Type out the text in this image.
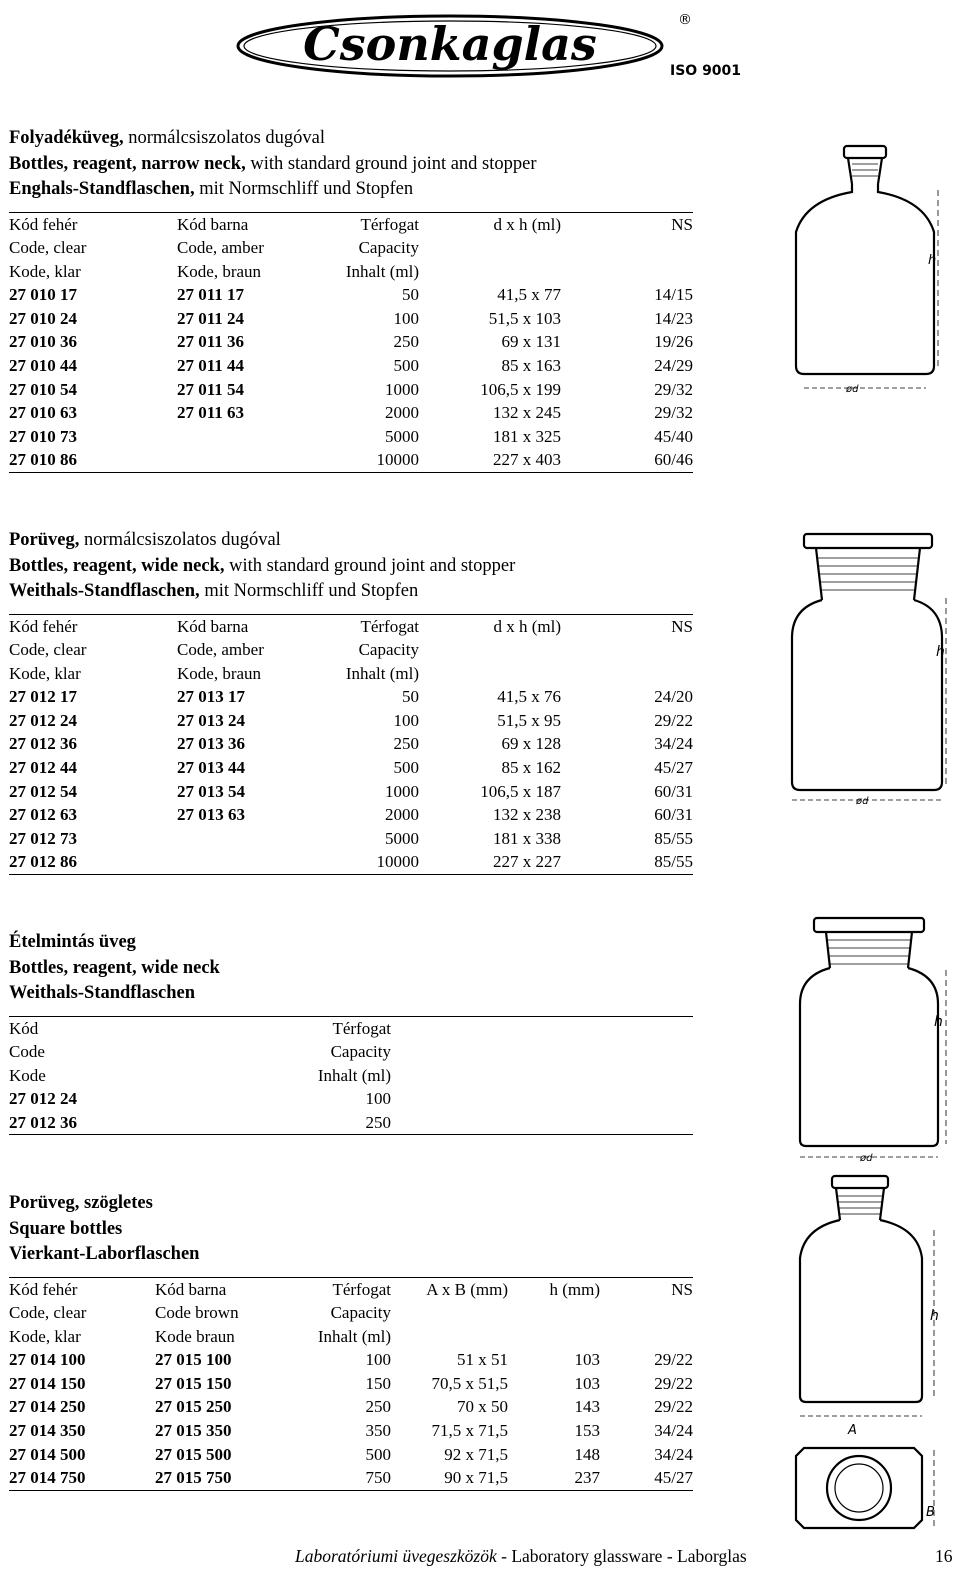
Csonkaglas	®
ISO 9001
Folyadéküveg, normálcsiszolatos dugóval
Bottles, reagent, narrow neck, with standard ground joint and stopper
Enghals-Standflaschen, mit Normschliff und Stopfen
Kód fehér	Kód barna	Térfogat	d x h (ml)	NS
Code, clear	Code, amber	Capacity		
Kode, klar	Kode, braun	Inhalt (ml)		
27 010 17	27 011 17	50	41,5 x 77	14/15
27 010 24	27 011 24	100	51,5 x 103	14/23
27 010 36	27 011 36	250	69 x 131	19/26
27 010 44	27 011 44	500	85 x 163	24/29
27 010 54	27 011 54	1000	106,5 x 199	29/32
27 010 63	27 011 63	2000	132 x 245	29/32
27 010 73		5000	181 x 325	45/40
27 010 86		10000	227 x 403	60/46
Porüveg, normálcsiszolatos dugóval
Bottles, reagent, wide neck, with standard ground joint and stopper
Weithals-Standflaschen, mit Normschliff und Stopfen
Kód fehér	Kód barna	Térfogat	d x h (ml)	NS
Code, clear	Code, amber	Capacity		
Kode, klar	Kode, braun	Inhalt (ml)		
27 012 17	27 013 17	50	41,5 x 76	24/20
27 012 24	27 013 24	100	51,5 x 95	29/22
27 012 36	27 013 36	250	69 x 128	34/24
27 012 44	27 013 44	500	85 x 162	45/27
27 012 54	27 013 54	1000	106,5 x 187	60/31
27 012 63	27 013 63	2000	132 x 238	60/31
27 012 73		5000	181 x 338	85/55
27 012 86		10000	227 x 227	85/55
Ételmintás üveg
Bottles, reagent, wide neck
Weithals-Standflaschen
Kód	Térfogat	
Code	Capacity	
Kode	Inhalt (ml)	
27 012 24	100	
27 012 36	250	
Porüveg, szögletes
Square bottles
Vierkant-Laborflaschen
Kód fehér	Kód barna	Térfogat	A x B (mm)	h (mm)	NS
Code, clear	Code brown	Capacity			
Kode, klar	Kode braun	Inhalt (ml)			
27 014 100	27 015 100	100	51 x 51	103	29/22
27 014 150	27 015 150	150	70,5 x 51,5	103	29/22
27 014 250	27 015 250	250	70 x 50	143	29/22
27 014 350	27 015 350	350	71,5 x 71,5	153	34/24
27 014 500	27 015 500	500	92 x 71,5	148	34/24
27 014 750	27 015 750	750	90 x 71,5	237	45/27
h
ød
h
ød
h
ød
h
A
B
Laboratóriumi üvegeszközök - Laboratory glassware - Laborglas	16
